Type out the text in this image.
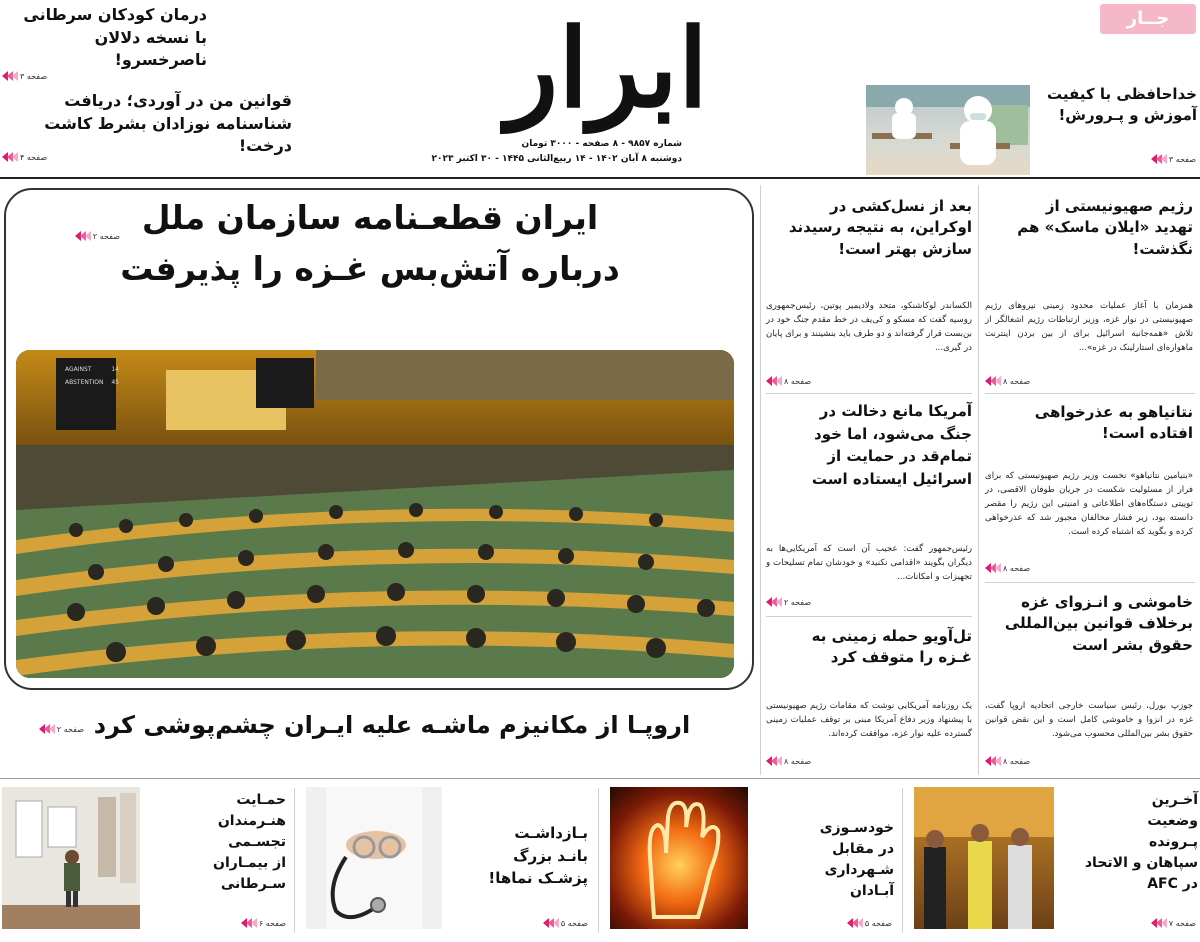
ابرار
شماره ۹۸۵۷ - ۸ صفحه - ۳۰۰۰ تومان
دوشنبه ۸ آبان ۱۴۰۲ - ۱۴ ربیع‌الثانی ۱۴۴۵ - ۳۰ اکتبر ۲۰۲۳
درمان کودکان سرطانی
با نسخه دلالان ناصرخسرو!
صفحه ۳
قوانین من در آوردی؛ دریافت
شناسنامه نوزادان بشرط کاشت درخت!
صفحه ۴
جــار
خداحافظی با کیفیت
آموزش و پـرورش!
صفحه ۳
ایران قطعـنامه سازمان ملل
درباره آتش‌بس غـزه را پذیرفت
صفحه ۲
AGAINST	14
ABSTENTION 45
اروپـا از مکانیزم ماشـه علیه ایـران چشم‌پوشی کرد
صفحه ۲
رژیم صهیونیستی از
تهدید «ایلان ماسک» هم
نگذشت!
همزمان با آغاز عملیات محدود زمینی نیروهای رژیم صهیونیستی در نوار غزه، وزیر ارتباطات رژیم اشغالگر از تلاش «همه‌جانبه اسرائیل برای از بین بردن اینترنت ماهواره‌ای استارلینک در غزه»...
صفحه ۸
نتانیاهو به عذرخواهی
افتاده است!
«بنیامین نتانیاهو» نخست وزیر رژیم صهیونیستی که برای فرار از مسئولیت شکست در جریان طوفان الاقصی، در توییتی دستگاه‌های اطلاعاتی و امنیتی این رژیم را مقصر دانسته بود، زیر فشار مخالفان مجبور شد که عذرخواهی کرده و بگوید که اشتباه کرده است.
صفحه ۸
خاموشی و انـزوای غزه
برخلاف قوانین بین‌المللی
حقوق بشر است
جوزپ بورل، رئیس سیاست خارجی اتحادیه اروپا گفت، غزه در انزوا و خاموشی کامل است و این نقض قوانین حقوق بشر بین‌المللی محسوب می‌شود.
صفحه ۸
بعد از نسل‌کشی در
اوکراین، به نتیجه رسیدند
سازش بهتر است!
الکساندر لوکاشنکو، متحد ولادیمیر پوتین، رئیس‌جمهوری روسیه گفت که مسکو و کی‌یف در خط مقدم جنگ خود در بن‌بست قرار گرفته‌اند و دو طرف باید بنشینند و برای پایان در گیری...
صفحه ۸
آمریکا مانع دخالت در
جنگ می‌شود، اما خود
تمام‌قد در حمایت از
اسرائیل ایستاده است
رئیس‌جمهور گفت: عجیب آن است که آمریکایی‌ها به دیگران بگویند «اقدامی نکنید» و خودشان تمام تسلیحات و تجهیزات و امکانات...
صفحه ۲
تل‌آویو حمله زمینی به
غـزه را متوقف کرد
یک روزنامه آمریکایی نوشت که مقامات رژیم صهیونیستی با پیشنهاد وزیر دفاع آمریکا مبنی بر توقف عملیات زمینی گسترده علیه نوار غزه، موافقت کرده‌اند.
صفحه ۸
آخـرین
وضعیت
پـرونده
سپاهان و الاتحاد
در AFC
صفحه ۷
خودسـوزی
در مقابل
شـهرداری
آبـادان
صفحه ۵
بـازداشـت
بانـد بزرگ
پزشـک نماها!
صفحه ۵
حمـایت
هنـرمندان
تجسـمی
از بیمـاران
سـرطانی
صفحه ۶
